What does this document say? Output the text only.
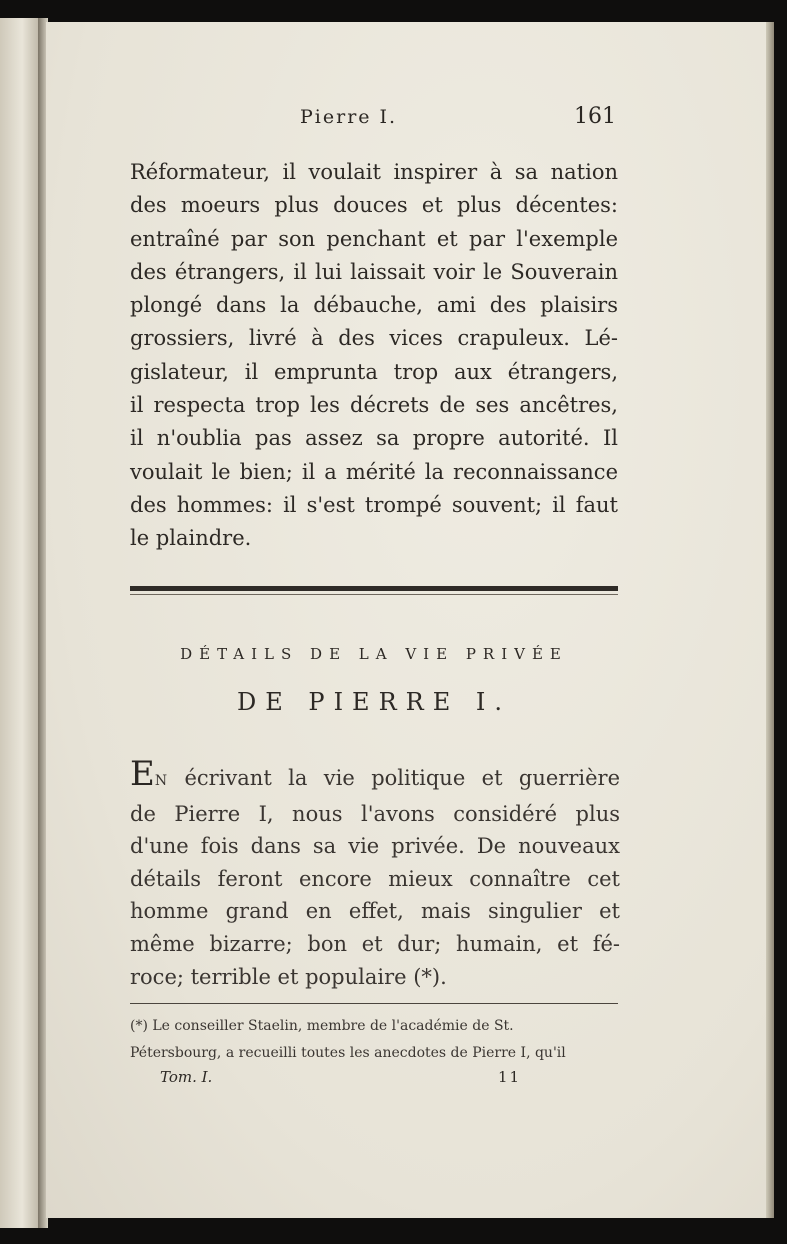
Pierre I.	161
Réformateur, il voulait inspirer à sa nation
des moeurs plus douces et plus décentes:
entraîné par son penchant et par l'exemple
des étrangers, il lui laissait voir le Souverain
plongé dans la débauche, ami des plaisirs
grossiers, livré à des vices crapuleux. Lé-
gislateur, il emprunta trop aux étrangers,
il respecta trop les décrets de ses ancêtres,
il n'oublia pas assez sa propre autorité. Il
voulait le bien; il a mérité la reconnaissance
des hommes: il s'est trompé souvent; il faut
le plaindre.
DÉTAILS DE LA VIE PRIVÉE
DE PIERRE I.
EN écrivant la vie politique et guerrière
de Pierre I, nous l'avons considéré plus
d'une fois dans sa vie privée. De nouveaux
détails feront encore mieux connaître cet
homme grand en effet, mais singulier et
même bizarre; bon et dur; humain, et fé-
roce; terrible et populaire (*).
(*) Le conseiller Staelin, membre de l'académie de St.
Pétersbourg, a recueilli toutes les anecdotes de Pierre I, qu'il
Tom. I.	11
